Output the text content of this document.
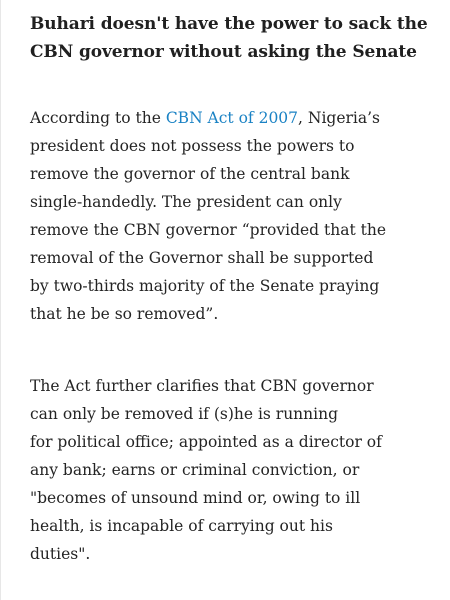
Buhari doesn't have the power to sack the
CBN governor without asking the Senate

According to the CBN Act of 2007, Nigeria’s
president does not possess the powers to
remove the governor of the central bank
single-handedly. The president can only
remove the CBN governor “provided that the
removal of the Governor shall be supported
by two-thirds majority of the Senate praying
that he be so removed”.

The Act further clarifies that CBN governor
can only be removed if (s)he is running
for political office; appointed as a director of
any bank; earns or criminal conviction, or
"becomes of unsound mind or, owing to ill
health, is incapable of carrying out his
duties".
